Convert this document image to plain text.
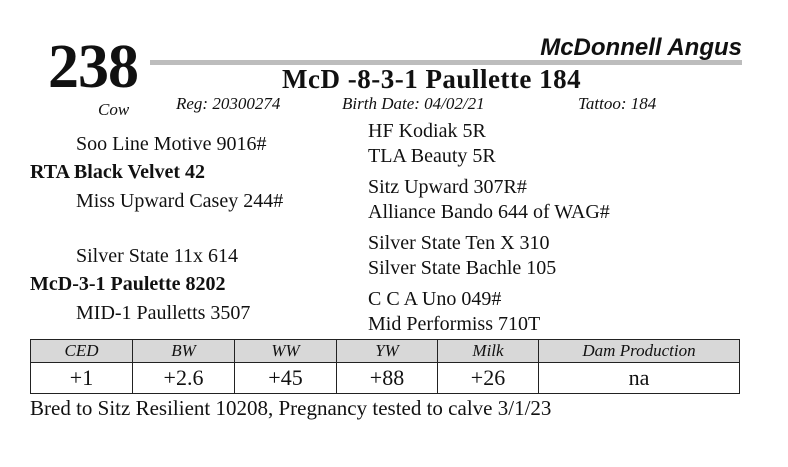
238	McDonnell Angus
McD -8-3-1 Paullette 184
Cow	Reg: 20300274	Birth Date: 04/02/21	Tattoo: 184
Soo Line Motive 9016#
RTA Black Velvet 42
Miss Upward Casey 244#
Silver State 11x 614
McD-3-1 Paulette 8202
MID-1 Paulletts 3507
HF Kodiak 5R
TLA Beauty 5R
Sitz Upward 307R#
Alliance Bando 644 of WAG#
Silver State Ten X 310
Silver State Bachle 105
C C A Uno 049#
Mid Performiss 710T
CED	BW	WW	YW	Milk	Dam Production
+1	+2.6	+45	+88	+26	na
Bred to Sitz Resilient 10208, Pregnancy tested to calve 3/1/23
